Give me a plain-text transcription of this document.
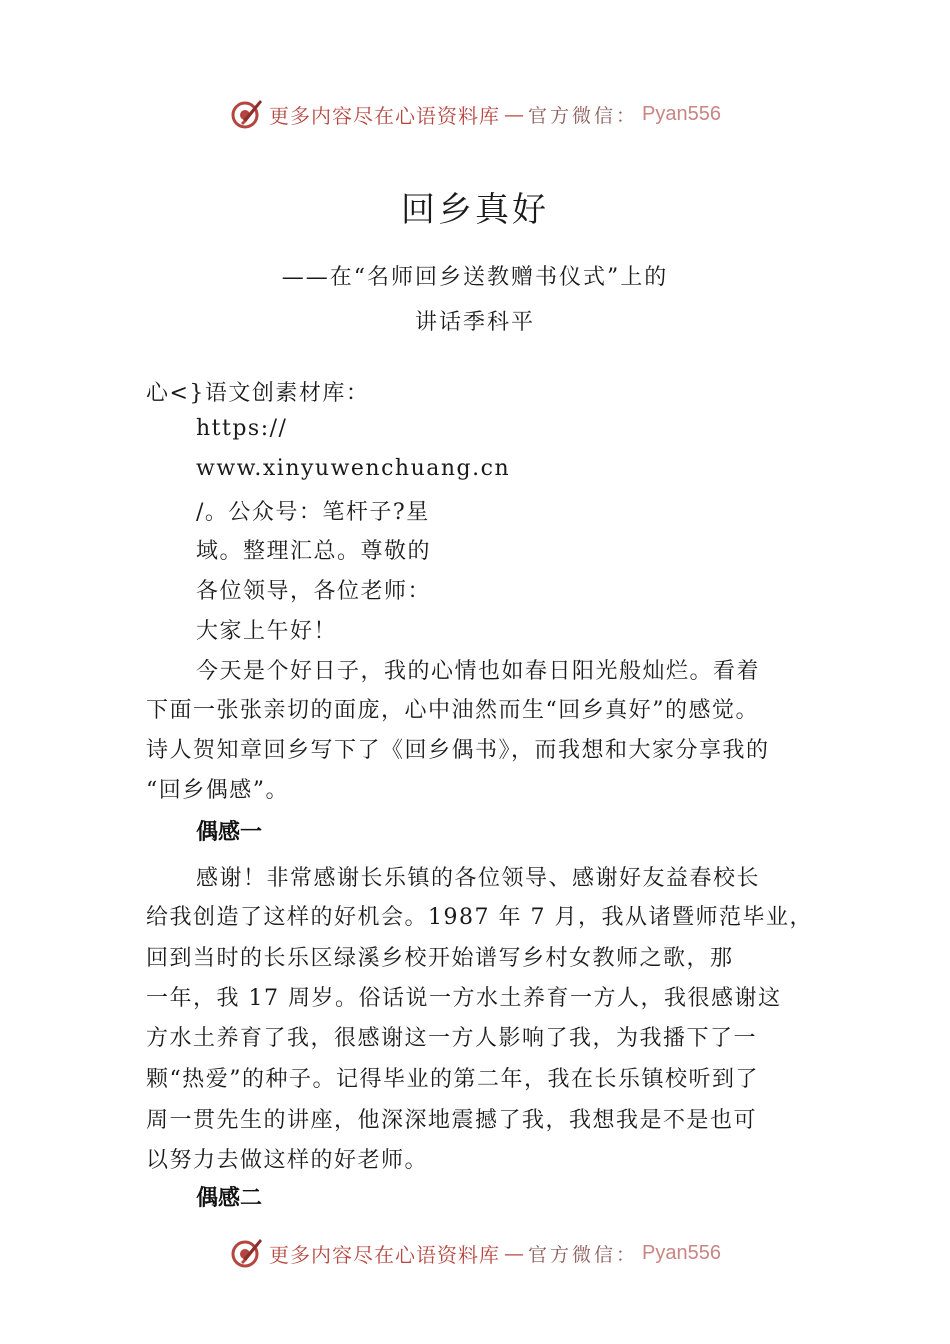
更多内容尽在心语资料库 — 官方微信： Pyan556
回乡真好
——在“名师回乡送教赠书仪式”上的
讲话季科平
心<}语文创素材库：
https://
www.xinyuwenchuang.cn
/。公众号：笔杆子?星
域。整理汇总。尊敬的
各位领导，各位老师：
大家上午好！
今天是个好日子，我的心情也如春日阳光般灿烂。看着
下面一张张亲切的面庞，心中油然而生“回乡真好”的感觉。
诗人贺知章回乡写下了《回乡偶书》，而我想和大家分享我的
“回乡偶感”。
偶感一
感谢！非常感谢长乐镇的各位领导、感谢好友益春校长
给我创造了这样的好机会。1987 年 7 月，我从诸暨师范毕业，
回到当时的长乐区绿溪乡校开始谱写乡村女教师之歌，那
一年，我 17 周岁。俗话说一方水土养育一方人，我很感谢这
方水土养育了我，很感谢这一方人影响了我，为我播下了一
颗“热爱”的种子。记得毕业的第二年，我在长乐镇校听到了
周一贯先生的讲座，他深深地震撼了我，我想我是不是也可
以努力去做这样的好老师。
偶感二
更多内容尽在心语资料库 — 官方微信： Pyan556
